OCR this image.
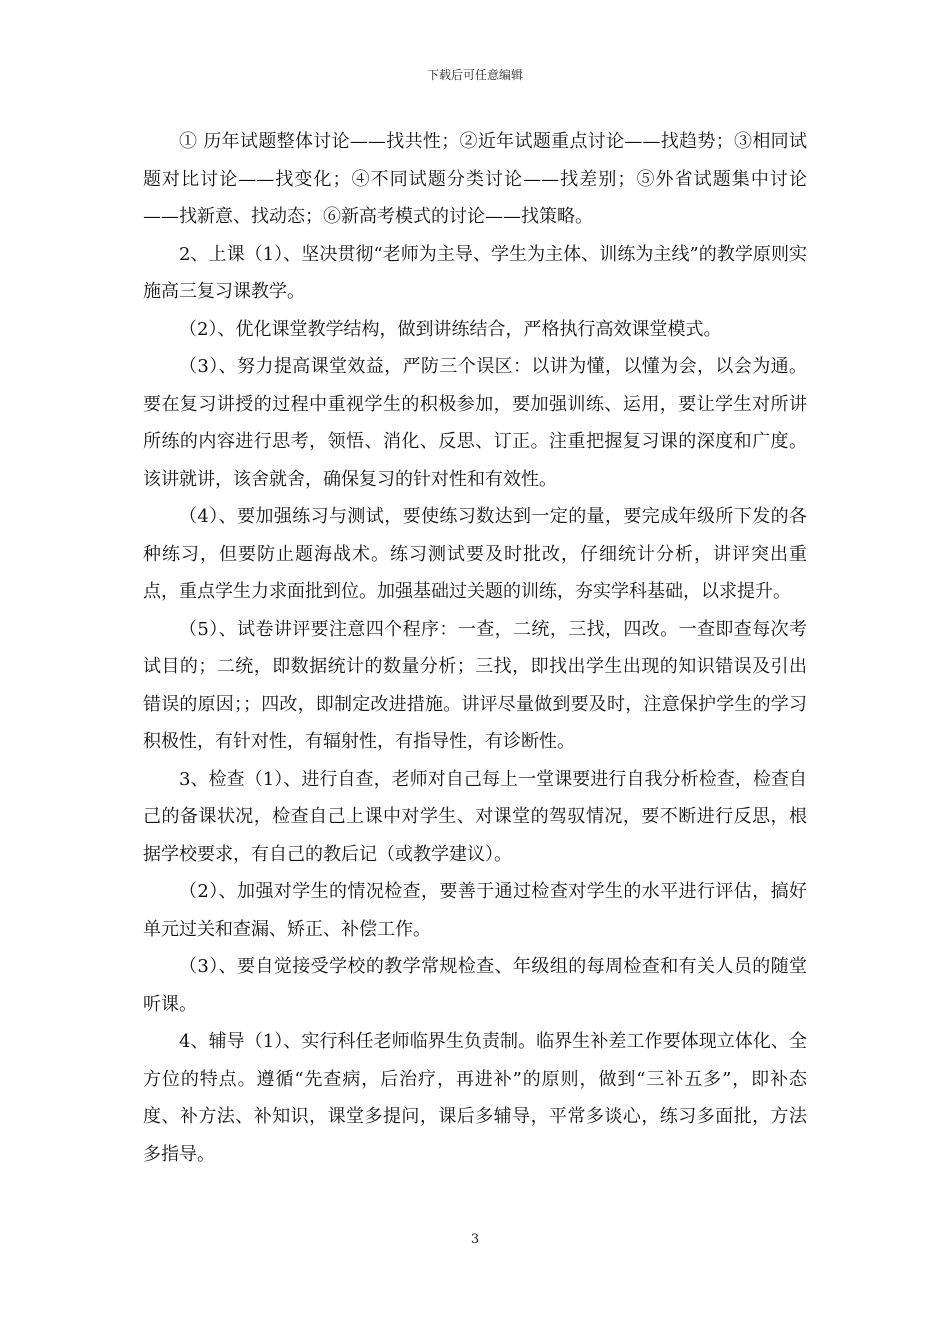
下载后可任意编辑

① 历年试题整体讨论——找共性；②近年试题重点讨论——找趋势；③相同试题对比讨论——找变化；④不同试题分类讨论——找差别；⑤外省试题集中讨论——找新意、找动态；⑥新高考模式的讨论——找策略。

2、上课（1）、坚决贯彻“老师为主导、学生为主体、训练为主线”的教学原则实施高三复习课教学。

（2）、优化课堂教学结构，做到讲练结合，严格执行高效课堂模式。

（3）、努力提高课堂效益，严防三个误区：以讲为懂，以懂为会，以会为通。要在复习讲授的过程中重视学生的积极参加，要加强训练、运用，要让学生对所讲所练的内容进行思考，领悟、消化、反思、订正。注重把握复习课的深度和广度。该讲就讲，该舍就舍，确保复习的针对性和有效性。

（4）、要加强练习与测试，要使练习数达到一定的量，要完成年级所下发的各种练习，但要防止题海战术。练习测试要及时批改，仔细统计分析，讲评突出重点，重点学生力求面批到位。加强基础过关题的训练，夯实学科基础，以求提升。

（5）、试卷讲评要注意四个程序：一查，二统，三找，四改。一查即查每次考试目的；二统，即数据统计的数量分析；三找，即找出学生出现的知识错误及引出错误的原因；；四改，即制定改进措施。讲评尽量做到要及时，注意保护学生的学习积极性，有针对性，有辐射性，有指导性，有诊断性。

3、检查（1）、进行自查，老师对自己每上一堂课要进行自我分析检查，检查自己的备课状况，检查自己上课中对学生、对课堂的驾驭情况，要不断进行反思，根据学校要求，有自己的教后记（或教学建议）。

（2）、加强对学生的情况检查，要善于通过检查对学生的水平进行评估，搞好单元过关和查漏、矫正、补偿工作。

（3）、要自觉接受学校的教学常规检查、年级组的每周检查和有关人员的随堂听课。

4、辅导（1）、实行科任老师临界生负责制。临界生补差工作要体现立体化、全方位的特点。遵循“先查病，后治疗，再进补”的原则，做到“三补五多”，即补态度、补方法、补知识，课堂多提问，课后多辅导，平常多谈心，练习多面批，方法多指导。

3
